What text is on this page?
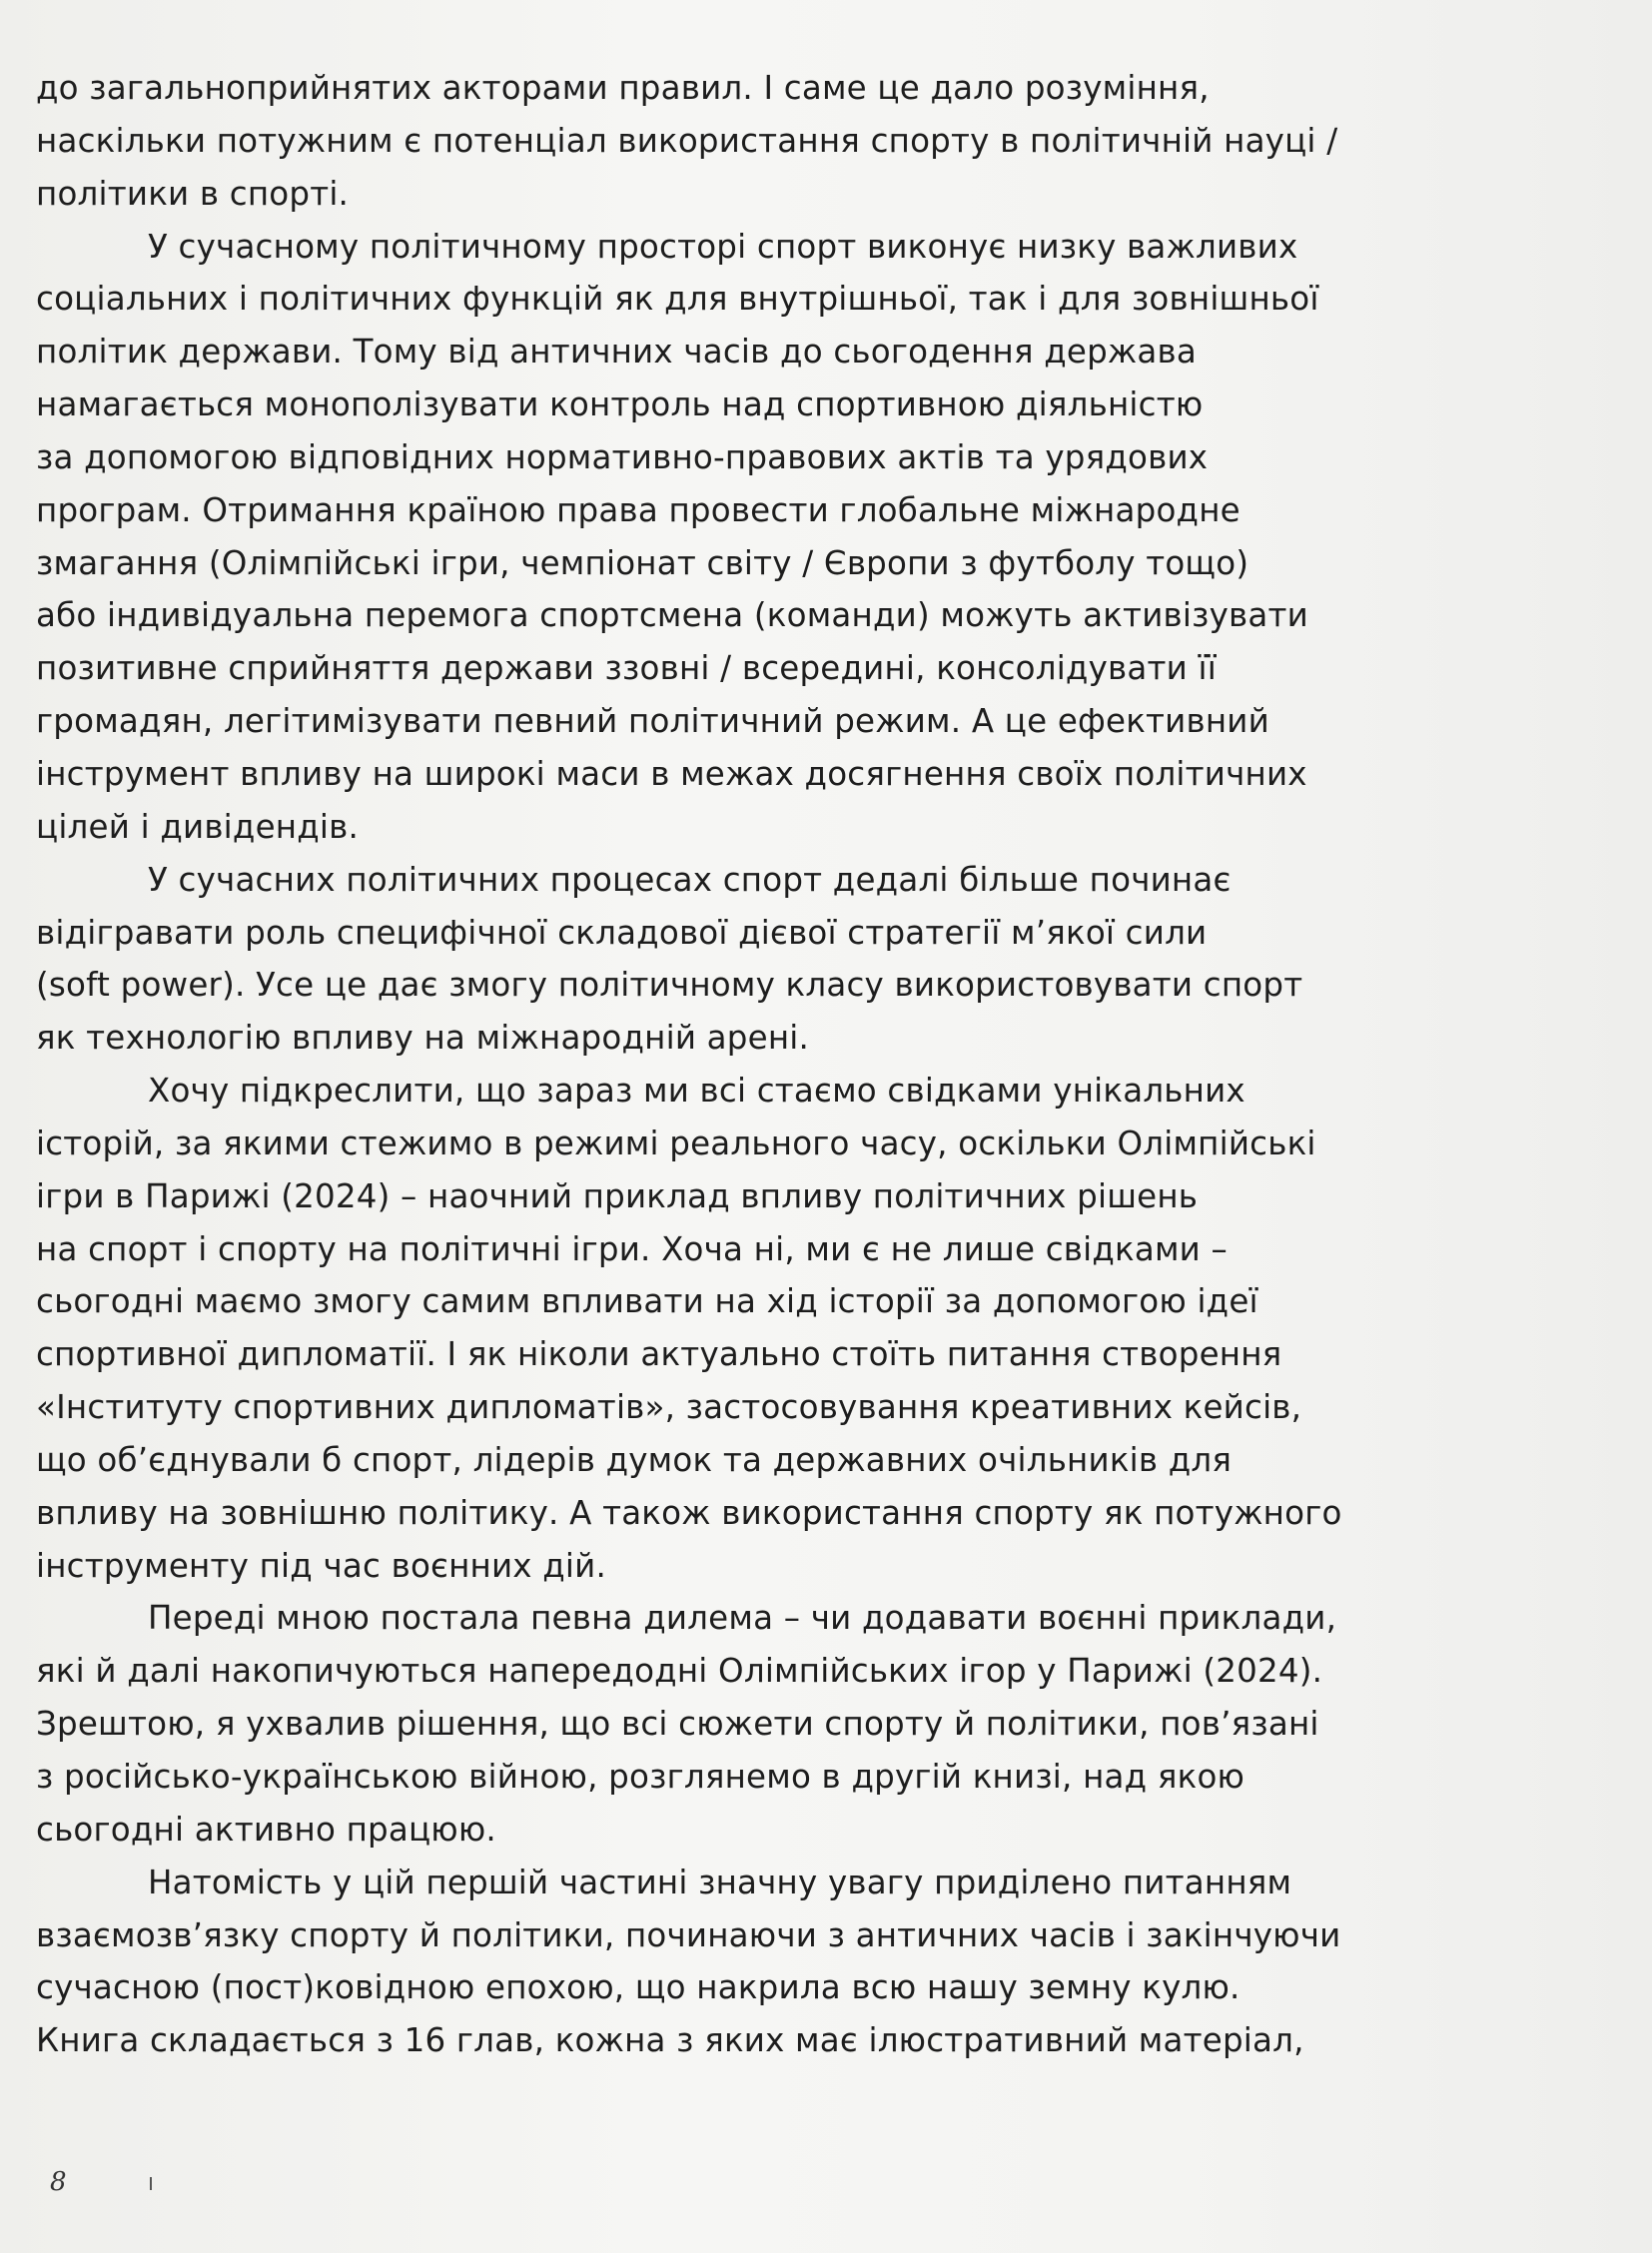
до загальноприйнятих акторами правил. І саме це дало розуміння,
наскільки потужним є потенціал використання спорту в політичній науці /
політики в спорті.
У сучасному політичному просторі спорт виконує низку важливих
соціальних і політичних функцій як для внутрішньої, так і для зовнішньої
політик держави. Тому від античних часів до сьогодення держава
намагається монополізувати контроль над спортивною діяльністю
за допомогою відповідних нормативно-правових актів та урядових
програм. Отримання країною права провести глобальне міжнародне
змагання (Олімпійські ігри, чемпіонат світу / Європи з футболу тощо)
або індивідуальна перемога спортсмена (команди) можуть активізувати
позитивне сприйняття держави ззовні / всередині, консолідувати її
громадян, легітимізувати певний політичний режим. А це ефективний
інструмент впливу на широкі маси в межах досягнення своїх політичних
цілей і дивідендів.
У сучасних політичних процесах спорт дедалі більше починає
відігравати роль специфічної складової дієвої стратегії м’якої сили
(soft power). Усе це дає змогу політичному класу використовувати спорт
як технологію впливу на міжнародній арені.
Хочу підкреслити, що зараз ми всі стаємо свідками унікальних
історій, за якими стежимо в режимі реального часу, оскільки Олімпійські
ігри в Парижі (2024) – наочний приклад впливу політичних рішень
на спорт і спорту на політичні ігри. Хоча ні, ми є не лише свідками –
сьогодні маємо змогу самим впливати на хід історії за допомогою ідеї
спортивної дипломатії. І як ніколи актуально стоїть питання створення
«Інституту спортивних дипломатів», застосовування креативних кейсів,
що об’єднували б спорт, лідерів думок та державних очільників для
впливу на зовнішню політику. А також використання спорту як потужного
інструменту під час воєнних дій.
Переді мною постала певна дилема – чи додавати воєнні приклади,
які й далі накопичуються напередодні Олімпійських ігор у Парижі (2024).
Зрештою, я ухвалив рішення, що всі сюжети спорту й політики, пов’язані
з російсько-українською війною, розглянемо в другій книзі, над якою
сьогодні активно працюю.
Натомість у цій першій частині значну увагу приділено питанням
взаємозв’язку спорту й політики, починаючи з античних часів і закінчуючи
сучасною (пост)ковідною епохою, що накрила всю нашу земну кулю.
Книга складається з 16 глав, кожна з яких має ілюстративний матеріал,
8
